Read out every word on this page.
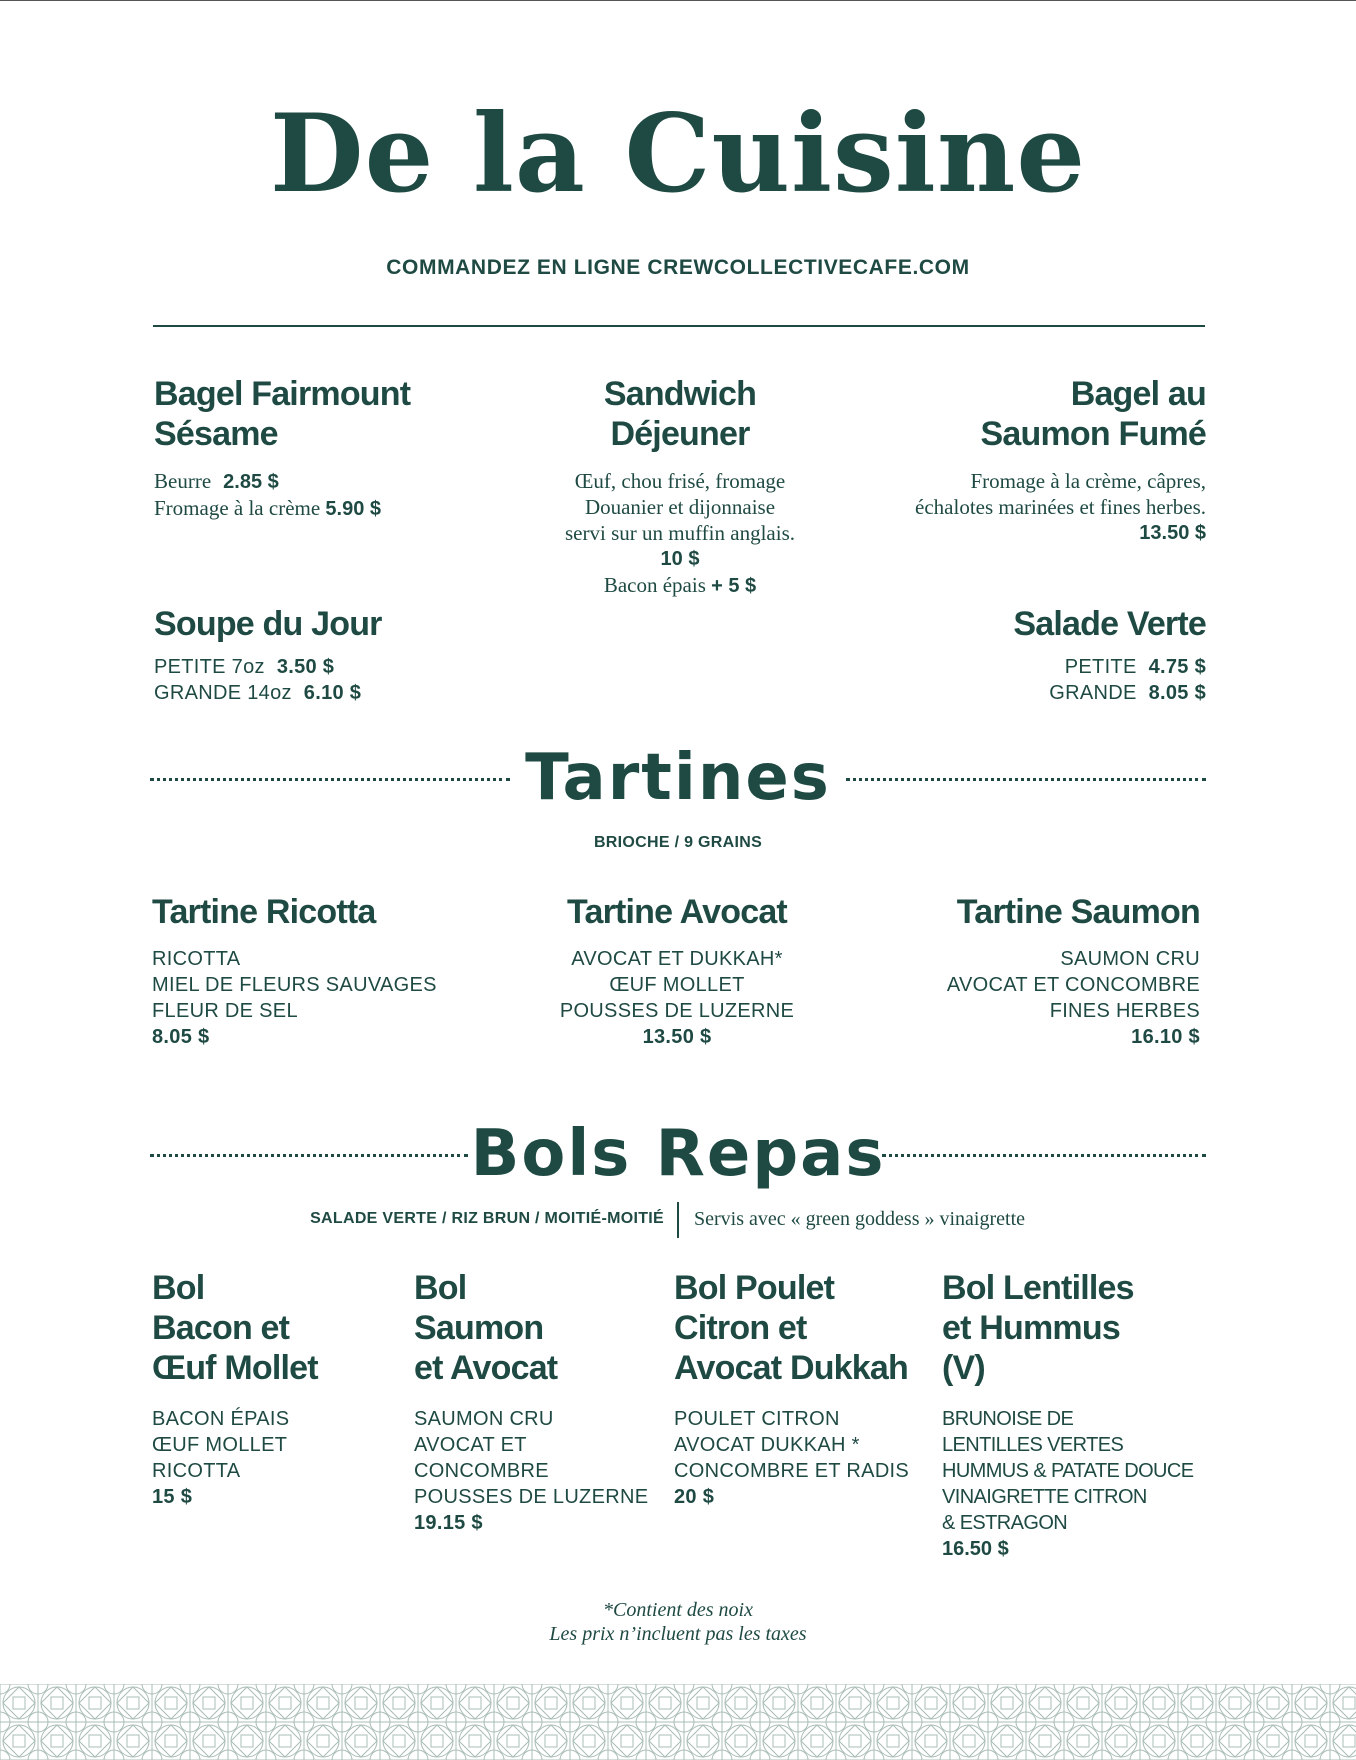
De la Cuisine
COMMANDEZ EN LIGNE CREWCOLLECTIVECAFE.COM
Bagel Fairmount
Sésame
Beurre 2.85 $
Fromage à la crème 5.90 $
Sandwich
Déjeuner
Œuf, chou frisé, fromage
Douanier et dijonnaise
servi sur un muffin anglais.
10 $
Bacon épais + 5 $
Bagel au
Saumon Fumé
Fromage à la crème, câpres,
échalotes marinées et fines herbes.
13.50 $
Soupe du Jour
PETITE 7oz 3.50 $
GRANDE 14oz 6.10 $
Salade Verte
PETITE 4.75 $
GRANDE 8.05 $
Tartines
BRIOCHE / 9 GRAINS
Tartine Ricotta
RICOTTA
MIEL DE FLEURS SAUVAGES
FLEUR DE SEL
8.05 $
Tartine Avocat
AVOCAT ET DUKKAH*
ŒUF MOLLET
POUSSES DE LUZERNE
13.50 $
Tartine Saumon
SAUMON CRU
AVOCAT ET CONCOMBRE
FINES HERBES
16.10 $
Bols Repas
SALADE VERTE / RIZ BRUN / MOITIÉ-MOITIÉ Servis avec « green goddess » vinaigrette
Bol
Bacon et
Œuf Mollet
BACON ÉPAIS
ŒUF MOLLET
RICOTTA
15 $
Bol
Saumon
et Avocat
SAUMON CRU
AVOCAT ET
CONCOMBRE
POUSSES DE LUZERNE
19.15 $
Bol Poulet
Citron et
Avocat Dukkah
POULET CITRON
AVOCAT DUKKAH *
CONCOMBRE ET RADIS
20 $
Bol Lentilles
et Hummus
(V)
BRUNOISE DE
LENTILLES VERTES
HUMMUS & PATATE DOUCE
VINAIGRETTE CITRON
& ESTRAGON
16.50 $
*Contient des noix
Les prix n’incluent pas les taxes
